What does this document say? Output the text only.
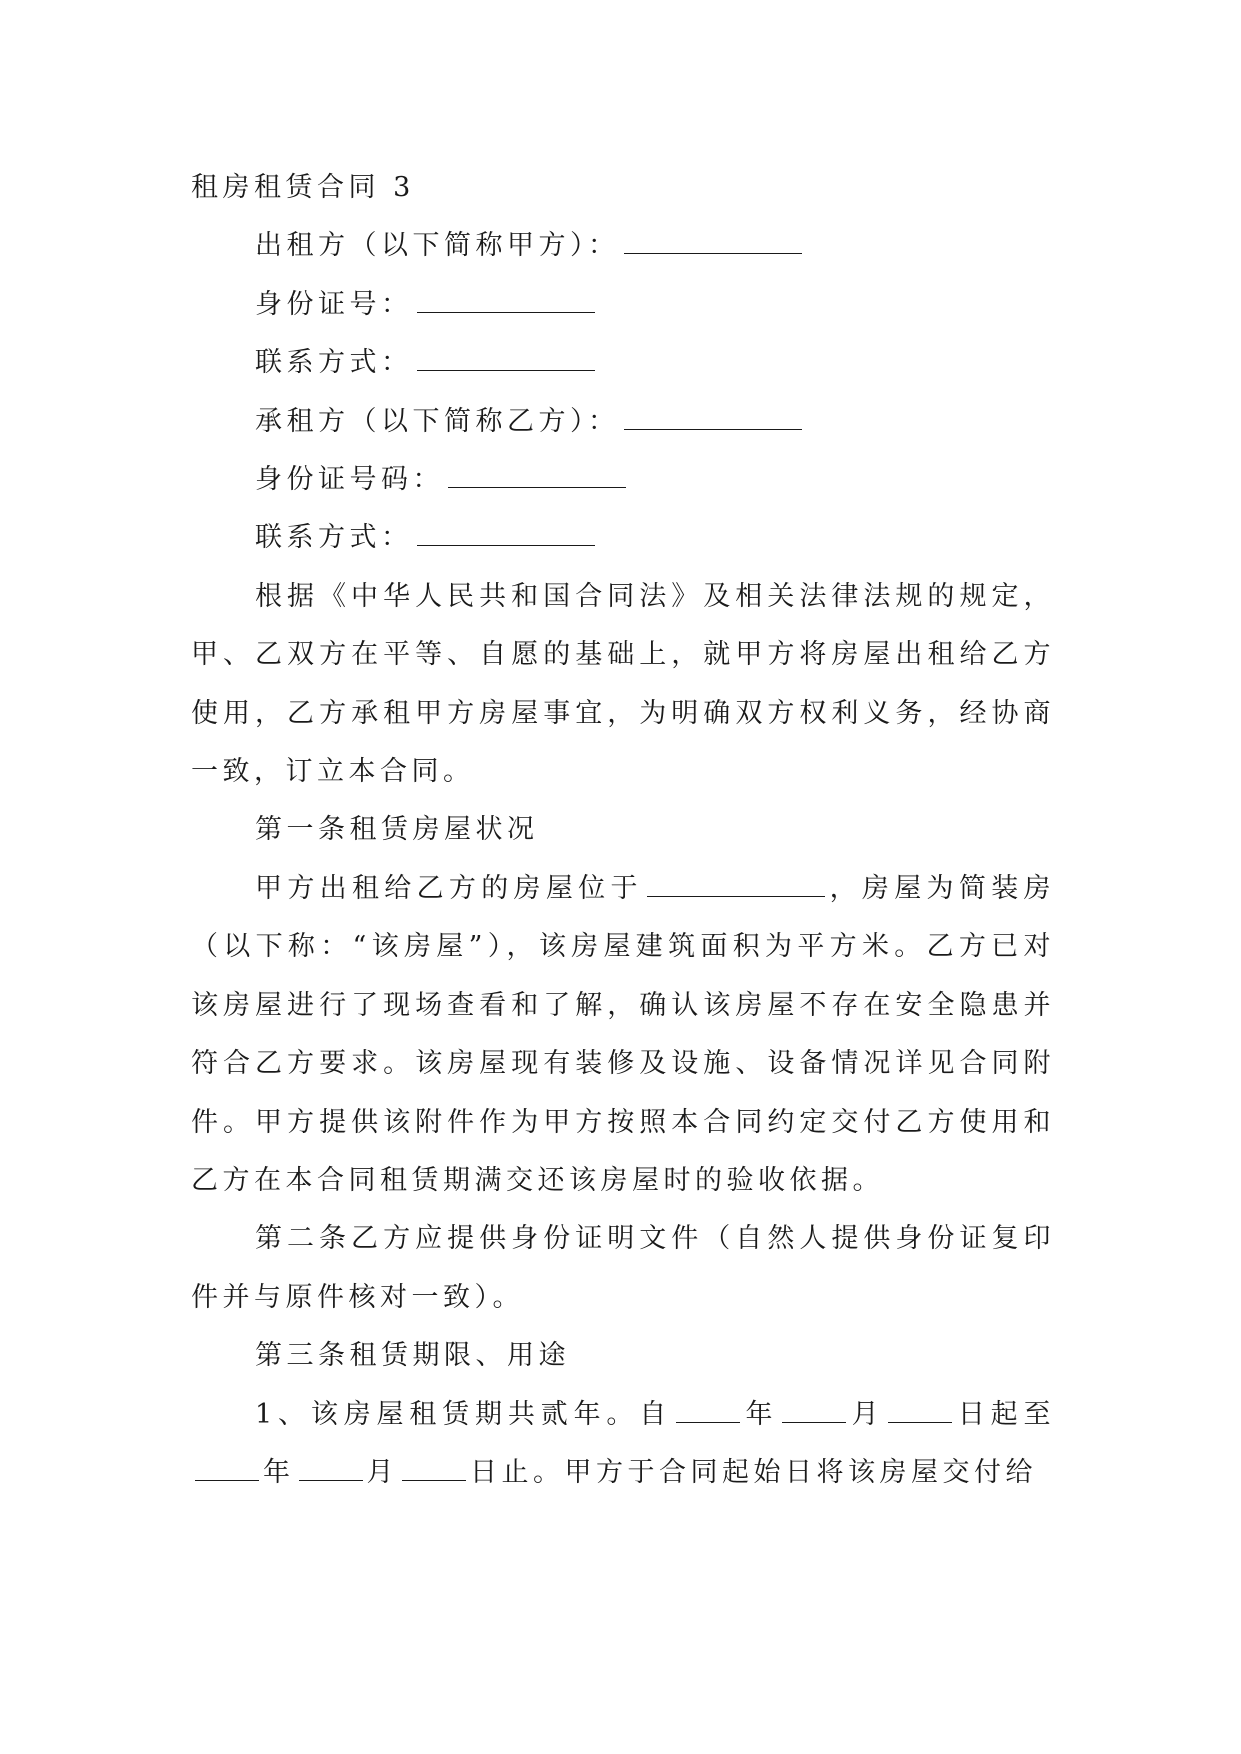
租房租赁合同 3

出租方（以下简称甲方）：

身份证号：

联系方式：

承租方（以下简称乙方）：

身份证号码：

联系方式：

根据《中华人民共和国合同法》及相关法律法规的规定，甲、乙双方在平等、自愿的基础上，就甲方将房屋出租给乙方使用，乙方承租甲方房屋事宜，为明确双方权利义务，经协商一致，订立本合同。

第一条租赁房屋状况

甲方出租给乙方的房屋位于	，房屋为简装房（以下称：“该房屋”），该房屋建筑面积为平方米。乙方已对该房屋进行了现场查看和了解，确认该房屋不存在安全隐患并符合乙方要求。该房屋现有装修及设施、设备情况详见合同附件。甲方提供该附件作为甲方按照本合同约定交付乙方使用和乙方在本合同租赁期满交还该房屋时的验收依据。

第二条乙方应提供身份证明文件（自然人提供身份证复印件并与原件核对一致）。

第三条租赁期限、用途

1、该房屋租赁期共贰年。自	年	月	日起至年	月	日止。甲方于合同起始日将该房屋交付给
